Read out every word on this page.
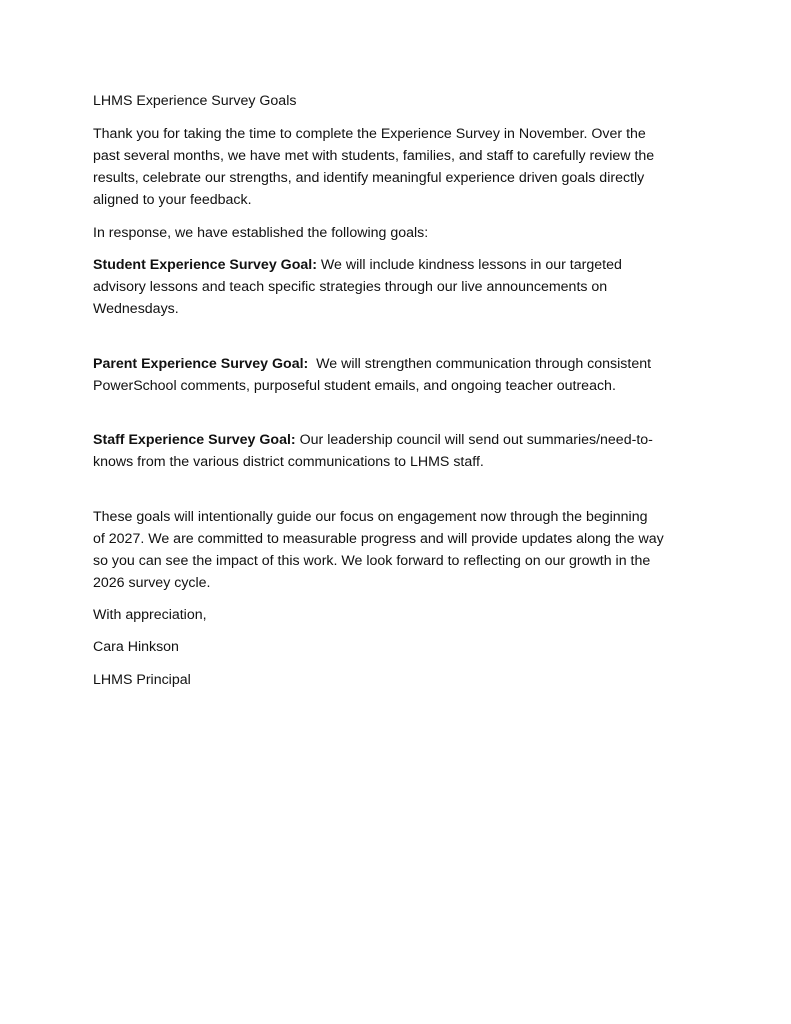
LHMS Experience Survey Goals
Thank you for taking the time to complete the Experience Survey in November. Over the
past several months, we have met with students, families, and staff to carefully review the
results, celebrate our strengths, and identify meaningful experience driven goals directly
aligned to your feedback.
In response, we have established the following goals:
Student Experience Survey Goal: We will include kindness lessons in our targeted
advisory lessons and teach specific strategies through our live announcements on
Wednesdays.
Parent Experience Survey Goal:  We will strengthen communication through consistent
PowerSchool comments, purposeful student emails, and ongoing teacher outreach.
Staff Experience Survey Goal: Our leadership council will send out summaries/need-to-
knows from the various district communications to LHMS staff.
These goals will intentionally guide our focus on engagement now through the beginning
of 2027. We are committed to measurable progress and will provide updates along the way
so you can see the impact of this work. We look forward to reflecting on our growth in the
2026 survey cycle.
With appreciation,
Cara Hinkson
LHMS Principal
